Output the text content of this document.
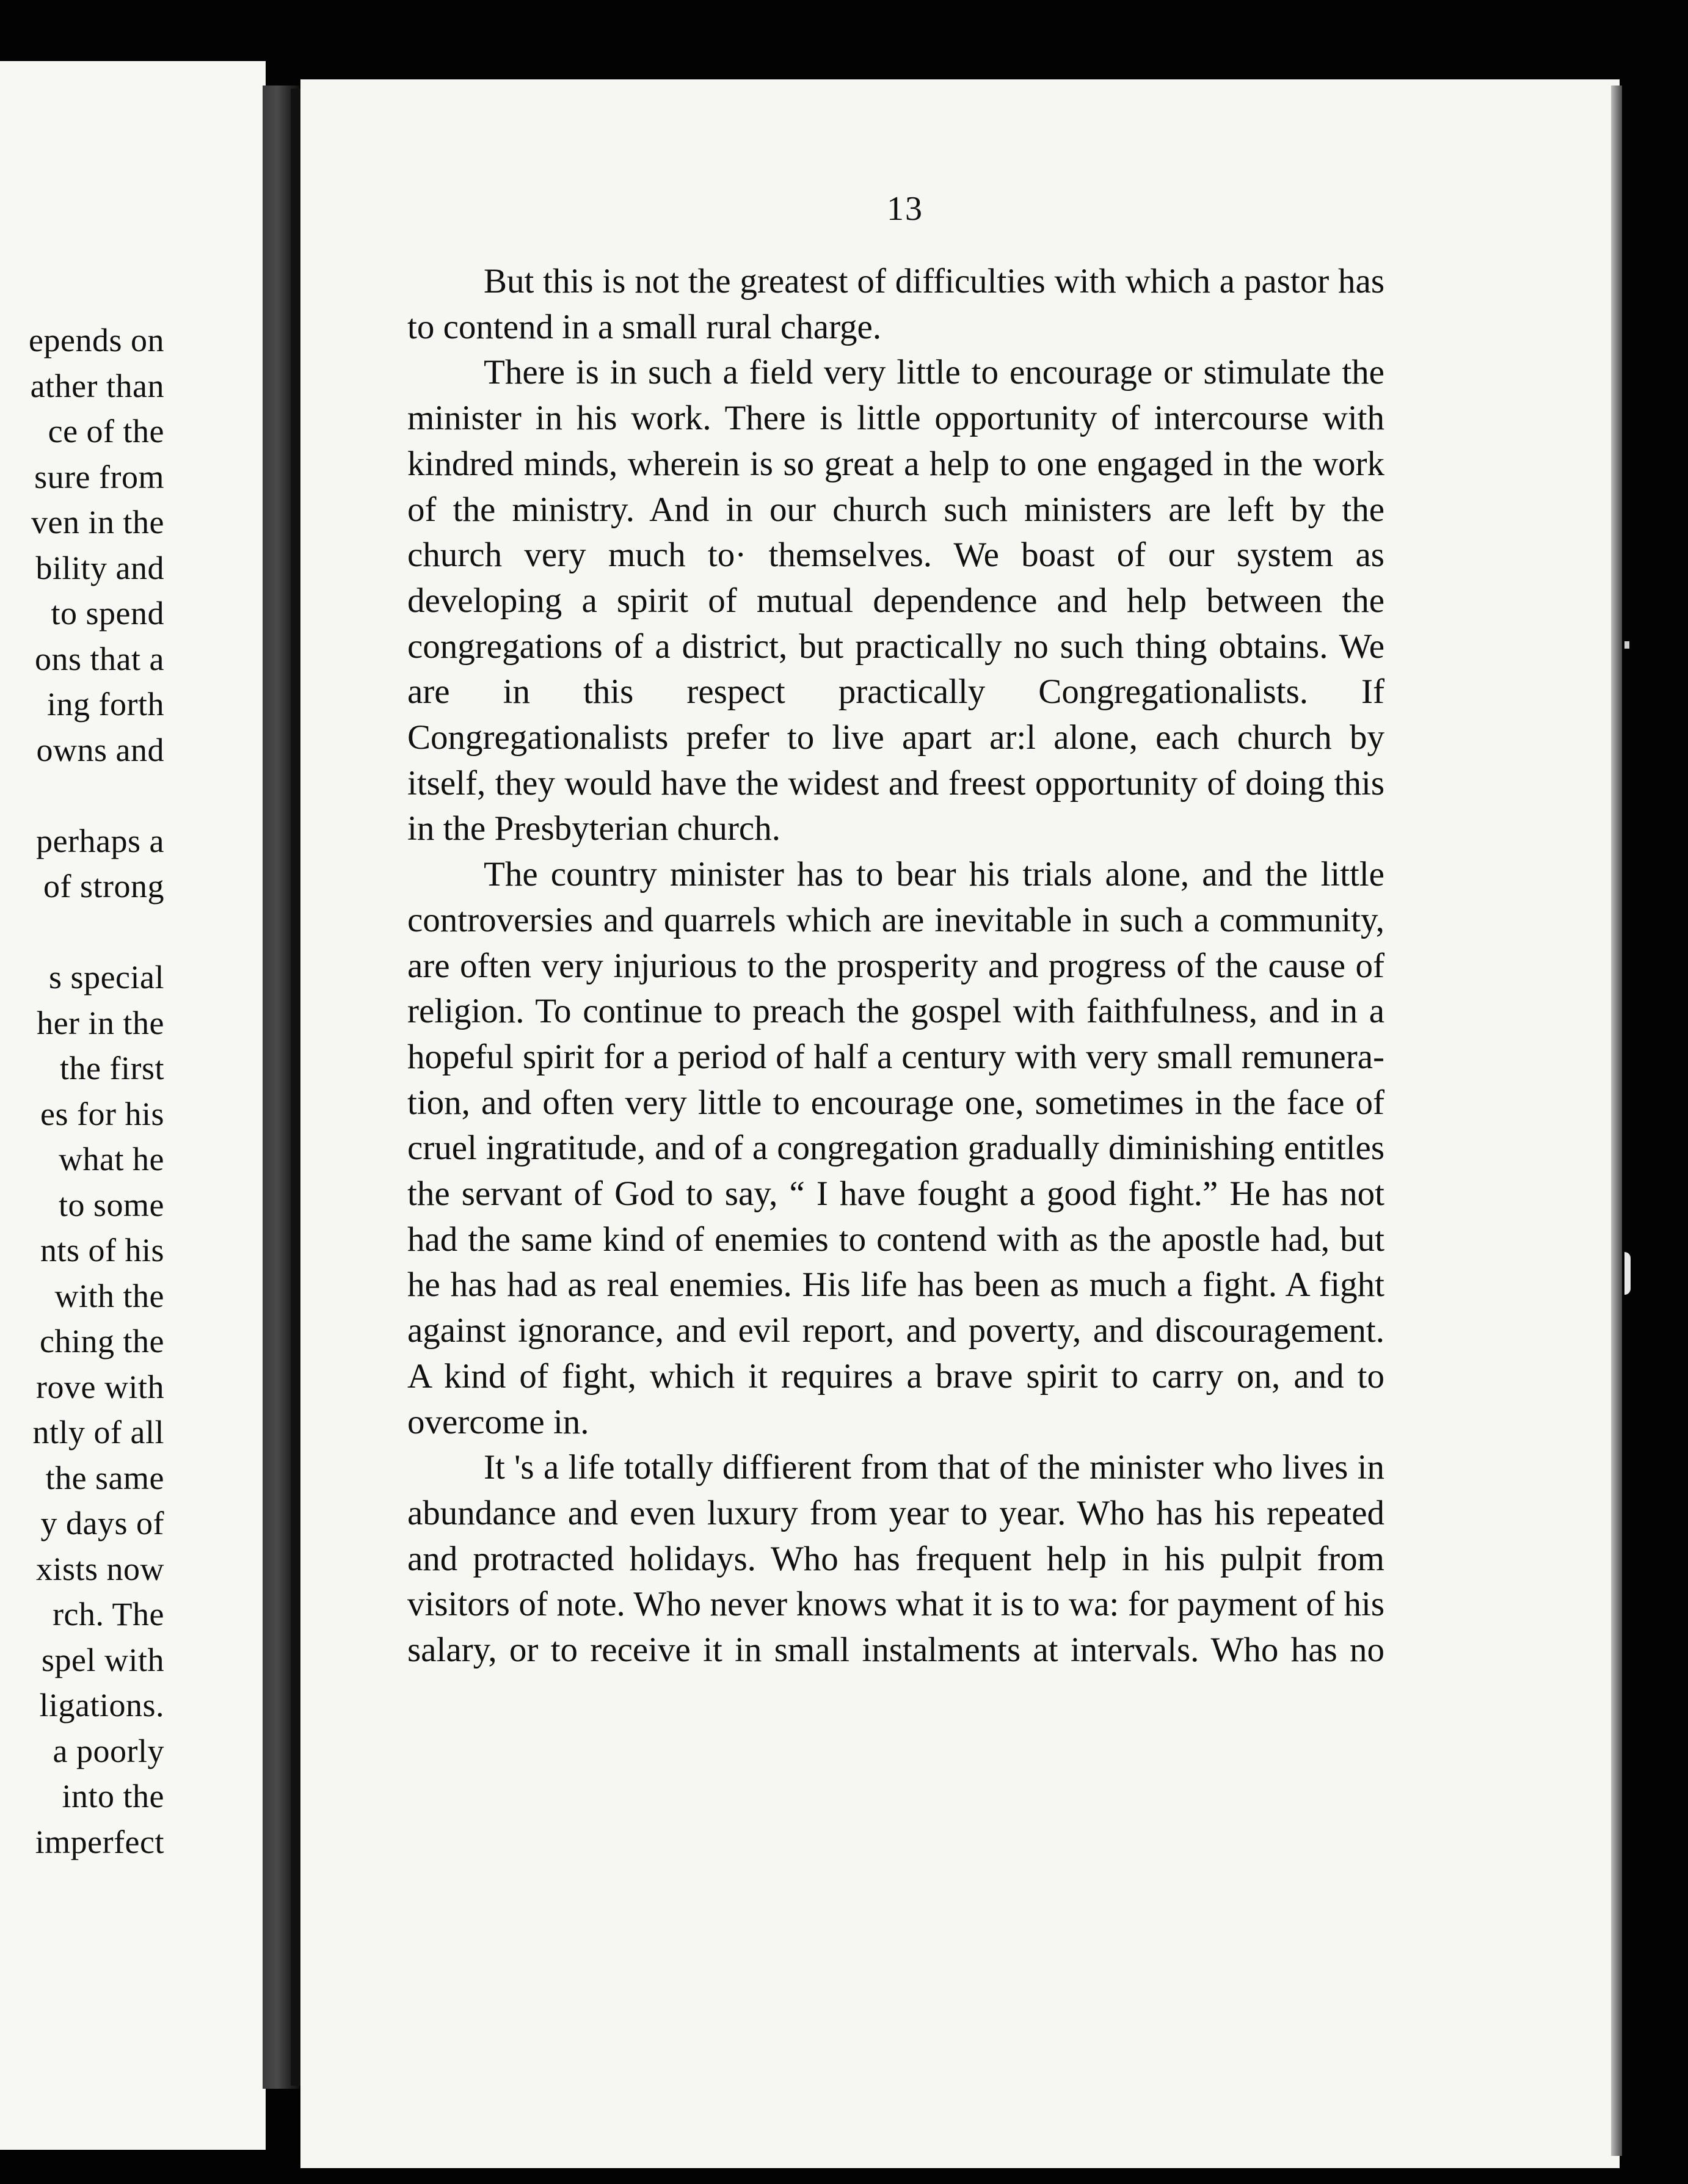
epends on
ather than
ce of the
sure from
ven in the
bility and
to spend
ons that a
ing forth
owns and

perhaps a
of strong

s special
her in the
the first
es for his
what he
to some
nts of his
with the
ching the
rove with
ntly of all
the same
y days of
xists now
rch. The
spel with
ligations.
a poorly
into the
imperfect
13

But this is not the greatest of difficulties with which a pastor has to contend in a small rural charge.

There is in such a field very little to encourage or stimulate the minister in his work. There is little opportunity of intercourse with kindred minds, wherein is so great a help to one engaged in the work of the ministry. And in our church such ministers are left by the church very much to· themselves. We boast of our system as developing a spirit of mutual dependence and help between the congregations of a district, but practically no such thing obtains. We are in this respect practically Congregationalists. If Congregationalists prefer to live apart ar:l alone, each church by itself, they would have the widest and freest opportunity of doing this in the Presbyterian church.

The country minister has to bear his trials alone, and the little controversies and quarrels which are inevitable in such a community, are often very injurious to the prosperity and progress of the cause of religion. To continue to preach the gospel with faithfulness, and in a hopeful spirit for a period of half a century with very small remunera-tion, and often very little to encourage one, sometimes in the face of cruel ingratitude, and of a congregation gradually diminishing entitles the servant of God to say, “ I have fought a good fight.” He has not had the same kind of enemies to contend with as the apostle had, but he has had as real enemies. His life has been as much a fight. A fight against ignorance, and evil report, and poverty, and discouragement. A kind of fight, which it requires a brave spirit to carry on, and to overcome in.

It 's a life totally diffierent from that of the minister who lives in abundance and even luxury from year to year. Who has his repeated and protracted holidays. Who has frequent help in his pulpit from visitors of note. Who never knows what it is to wa: for payment of his salary, or to receive it in small instalments at intervals. Who has no
